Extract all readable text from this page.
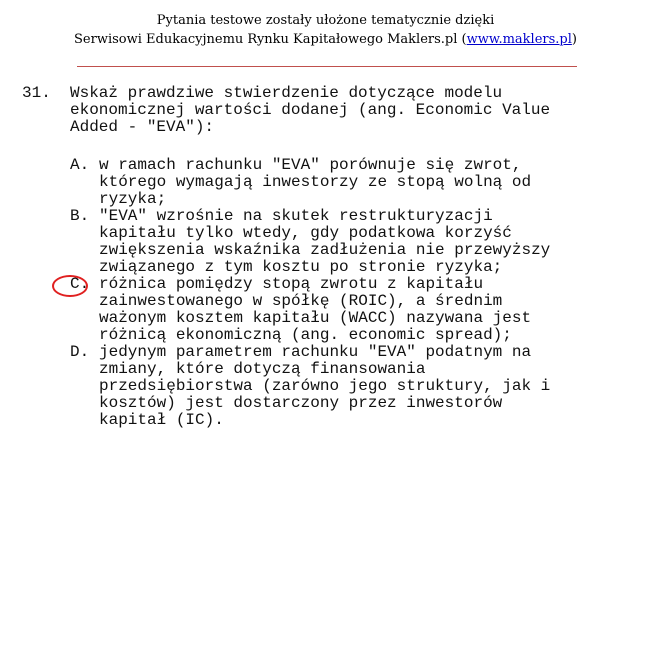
Pytania testowe zostały ułożone tematycznie dzięki
Serwisowi Edukacyjnemu Rynku Kapitałowego Maklers.pl (www.maklers.pl)

31.

Wskaż prawdziwe stwierdzenie dotyczące modelu

ekonomicznej wartości dodanej (ang. Economic Value

Added - "EVA"):

A.

w ramach rachunku "EVA" porównuje się zwrot,

którego wymagają inwestorzy ze stopą wolną od

ryzyka;

B.

"EVA" wzrośnie na skutek restrukturyzacji

kapitału tylko wtedy, gdy podatkowa korzyść

zwiększenia wskaźnika zadłużenia nie przewyższy

związanego z tym kosztu po stronie ryzyka;

C.

różnica pomiędzy stopą zwrotu z kapitału

zainwestowanego w spółkę (ROIC), a średnim

ważonym kosztem kapitału (WACC) nazywana jest

różnicą ekonomiczną (ang. economic spread);

D.

jedynym parametrem rachunku "EVA" podatnym na

zmiany, które dotyczą finansowania

przedsiębiorstwa (zarówno jego struktury, jak i

kosztów) jest dostarczony przez inwestorów

kapitał (IC).
